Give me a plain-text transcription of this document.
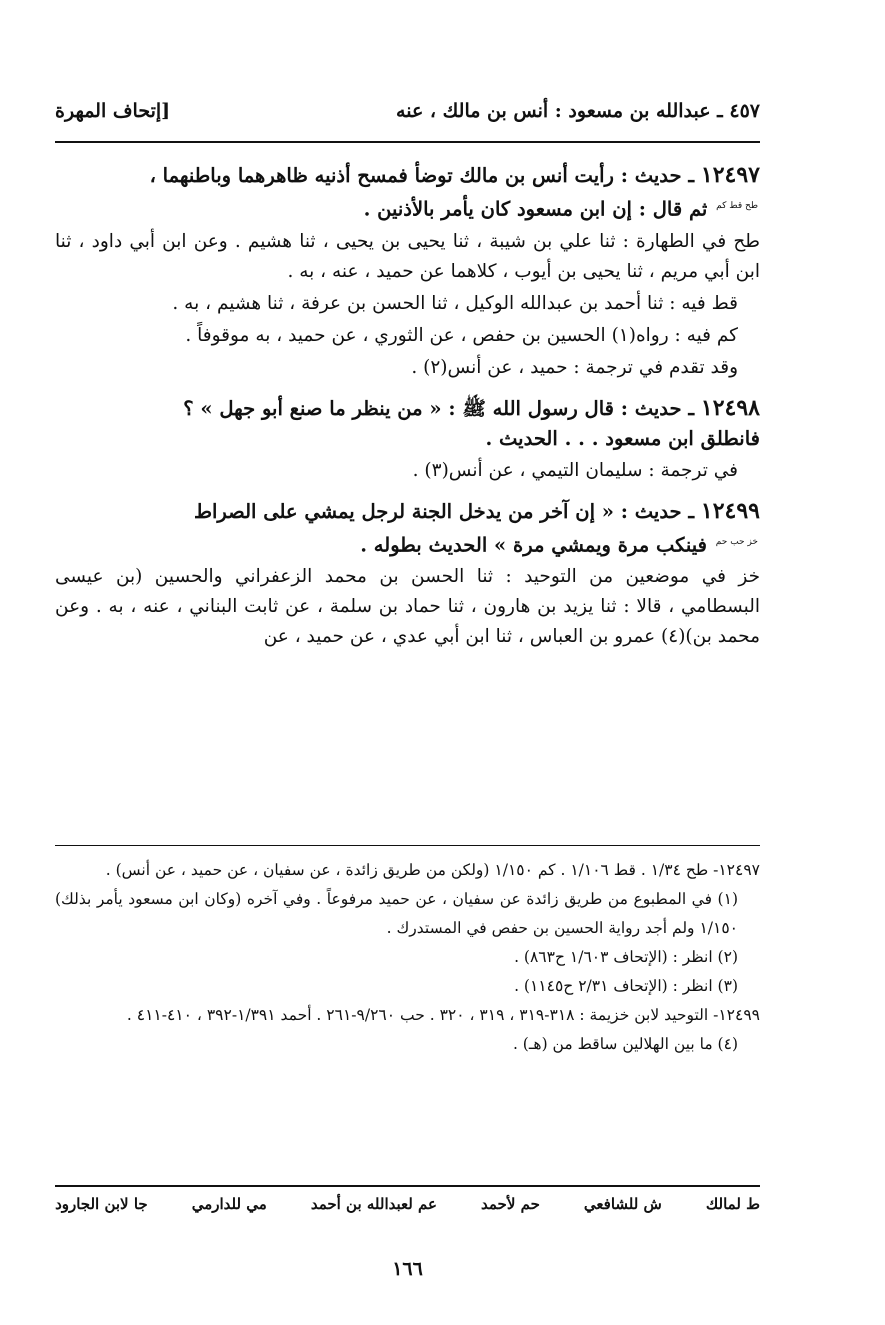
٤٥٧ ـ عبدالله بن مسعود : أنس بن مالك ، عنه
[إتحاف المهرة
١٢٤٩٧ ـ حديث : رأيت أنس بن مالك توضأ فمسح أذنيه ظاهرهما وباطنهما ،
$^{طح قط كم}$ ثم قال : إن ابن مسعود كان يأمر بالأذنين .
طح في الطهارة : ثنا علي بن شيبة ، ثنا يحيى بن يحيى ، ثنا هشيم . وعن ابن أبي داود ، ثنا ابن أبي مريم ، ثنا يحيى بن أيوب ، كلاهما عن حميد ، عنه ، به .
قط فيه : ثنا أحمد بن عبدالله الوكيل ، ثنا الحسن بن عرفة ، ثنا هشيم ، به .
كم فيه : رواه(١) الحسين بن حفص ، عن الثوري ، عن حميد ، به موقوفاً .
وقد تقدم في ترجمة : حميد ، عن أنس(٢) .
١٢٤٩٨ ـ حديث : قال رسول الله ﷺ : « من ينظر ما صنع أبو جهل » ؟
فانطلق ابن مسعود . . . الحديث .
في ترجمة : سليمان التيمي ، عن أنس(٣) .
١٢٤٩٩ ـ حديث : « إن آخر من يدخل الجنة لرجل يمشي على الصراط
$^{خز حب حم}$ فينكب مرة ويمشي مرة » الحديث بطوله .
خز في موضعين من التوحيد : ثنا الحسن بن محمد الزعفراني والحسين (بن عيسى البسطامي ، قالا : ثنا يزيد بن هارون ، ثنا حماد بن سلمة ، عن ثابت البناني ، عنه ، به . وعن محمد بن)(٤) عمرو بن العباس ، ثنا ابن أبي عدي ، عن حميد ، عن
١٢٤٩٧- طح ١/٣٤ . قط ١/١٠٦ . كم ١/١٥٠ (ولكن من طريق زائدة ، عن سفيان ، عن حميد ، عن أنس) .
(١) في المطبوع من طريق زائدة عن سفيان ، عن حميد مرفوعاً . وفي آخره (وكان ابن مسعود يأمر بذلك) ١/١٥٠ ولم أجد رواية الحسين بن حفص في المستدرك .
(٢) انظر : (الإتحاف ١/٦٠٣ ح٨٦٣) .
(٣) انظر : (الإتحاف ٢/٣١ ح١١٤٥) .
١٢٤٩٩- التوحيد لابن خزيمة : ٣١٨-٣١٩ ، ٣١٩ ، ٣٢٠ . حب ٩/٢٦٠-٢٦١ . أحمد ١/٣٩١-٣٩٢ ، ٤١٠-٤١١ .
(٤) ما بين الهلالين ساقط من (هـ) .
ط لمالك
ش للشافعي
حم لأحمد
عم لعبدالله بن أحمد
مي للدارمي
جا لابن الجارود
١٦٦
